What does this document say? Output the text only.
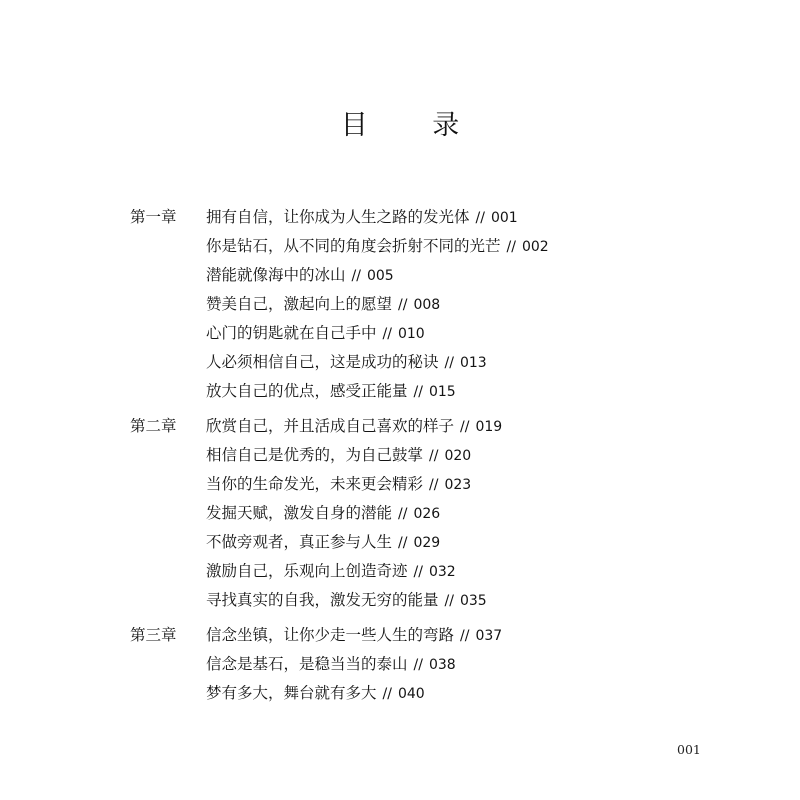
目 录
第一章	拥有自信，让你成为人生之路的发光体 // 001
你是钻石，从不同的角度会折射不同的光芒 // 002
潜能就像海中的冰山 // 005
赞美自己，激起向上的愿望 // 008
心门的钥匙就在自己手中 // 010
人必须相信自己，这是成功的秘诀 // 013
放大自己的优点，感受正能量 // 015
第二章	欣赏自己，并且活成自己喜欢的样子 // 019
相信自己是优秀的，为自己鼓掌 // 020
当你的生命发光，未来更会精彩 // 023
发掘天赋，激发自身的潜能 // 026
不做旁观者，真正参与人生 // 029
激励自己，乐观向上创造奇迹 // 032
寻找真实的自我，激发无穷的能量 // 035
第三章	信念坐镇，让你少走一些人生的弯路 // 037
信念是基石，是稳当当的泰山 // 038
梦有多大，舞台就有多大 // 040
001
